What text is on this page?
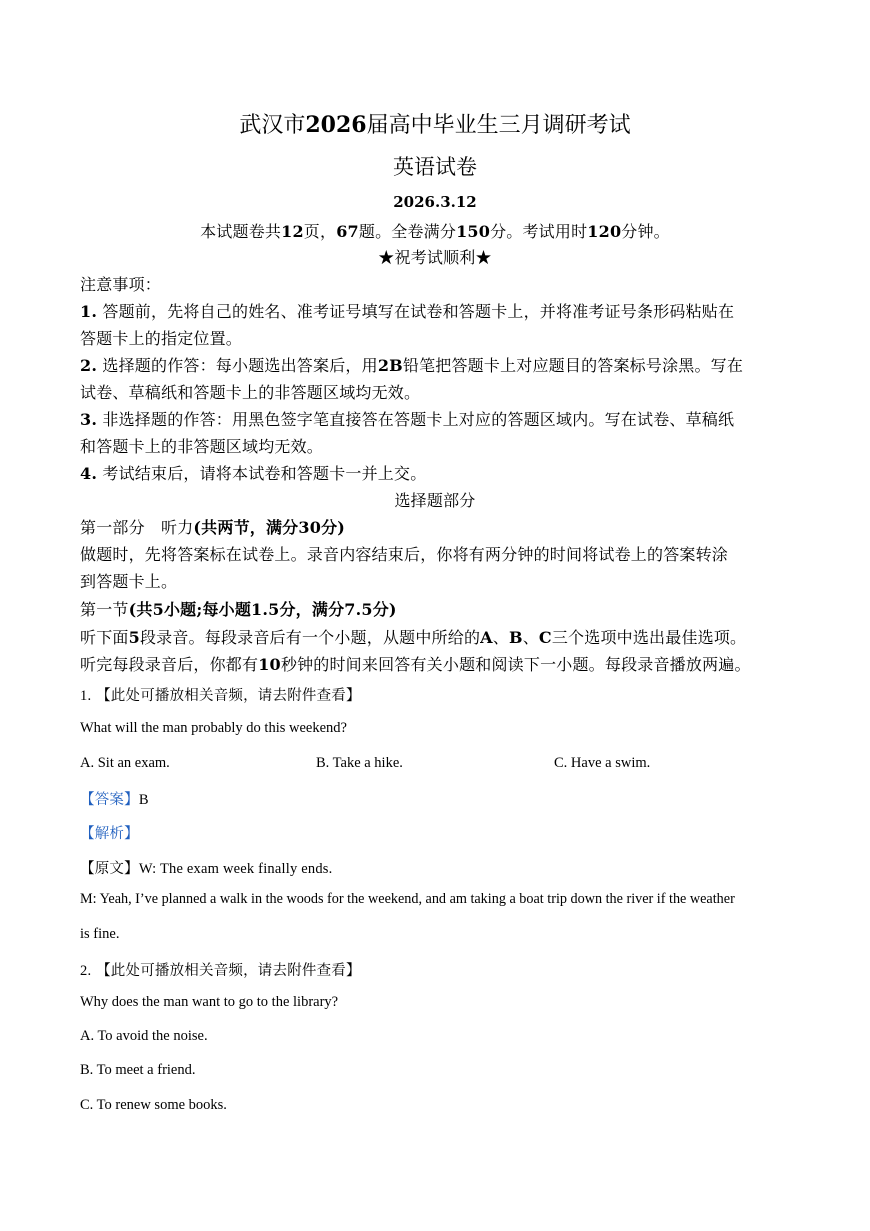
武汉市2026届高中毕业生三月调研考试
英语试卷
2026.3.12
本试题卷共12页，67题。全卷满分150分。考试用时120分钟。
★祝考试顺利★
注意事项：
1. 答题前，先将自己的姓名、准考证号填写在试卷和答题卡上，并将准考证号条形码粘贴在
答题卡上的指定位置。
2. 选择题的作答：每小题选出答案后，用2B铅笔把答题卡上对应题目的答案标号涂黑。写在
试卷、草稿纸和答题卡上的非答题区域均无效。
3. 非选择题的作答：用黑色签字笔直接答在答题卡上对应的答题区域内。写在试卷、草稿纸
和答题卡上的非答题区域均无效。
4. 考试结束后，请将本试卷和答题卡一并上交。
选择题部分
第一部分　听力(共两节，满分30分)
做题时，先将答案标在试卷上。录音内容结束后，你将有两分钟的时间将试卷上的答案转涂
到答题卡上。
第一节(共5小题;每小题1.5分，满分7.5分)
听下面5段录音。每段录音后有一个小题，从题中所给的A、B、C三个选项中选出最佳选项。
听完每段录音后，你都有10秒钟的时间来回答有关小题和阅读下一小题。每段录音播放两遍。
1. 【此处可播放相关音频，请去附件查看】
What will the man probably do this weekend?
A. Sit an exam.	B. Take a hike.	C. Have a swim.
【答案】B
【解析】
【原文】W: The exam week finally ends.
M: Yeah, I’ve planned a walk in the woods for the weekend, and am taking a boat trip down the river if the weather
is fine.
2. 【此处可播放相关音频，请去附件查看】
Why does the man want to go to the library?
A. To avoid the noise.
B. To meet a friend.
C. To renew some books.
